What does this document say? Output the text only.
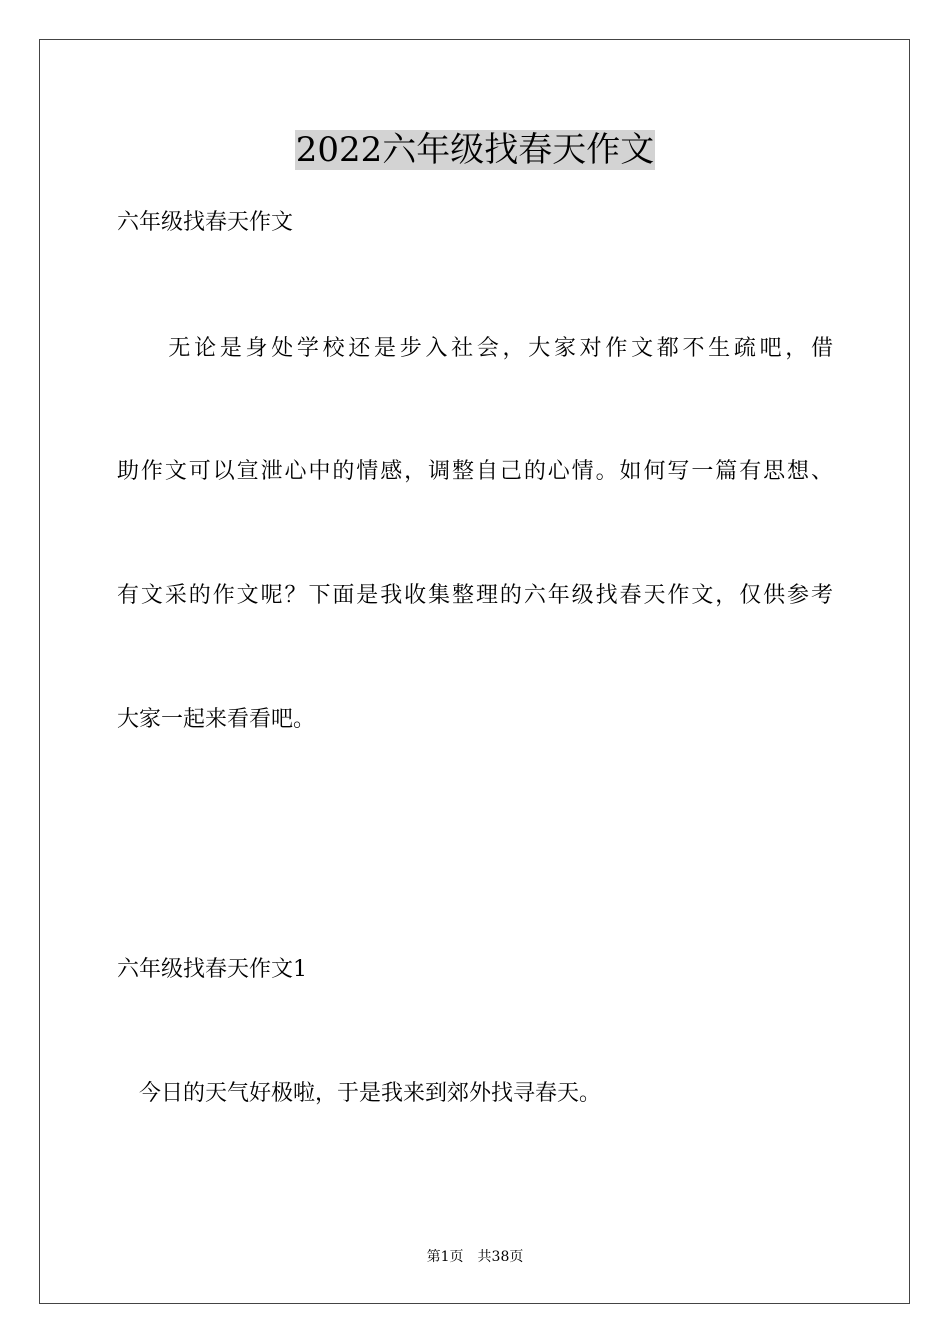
2022六年级找春天作文
六年级找春天作文
　　无论是身处学校还是步入社会，大家对作文都不生疏吧，借
助作文可以宣泄心中的情感，调整自己的心情。如何写一篇有思想、
有文采的作文呢？下面是我收集整理的六年级找春天作文，仅供参考
大家一起来看看吧。
六年级找春天作文1
　今日的天气好极啦，于是我来到郊外找寻春天。
第1页 共38页
